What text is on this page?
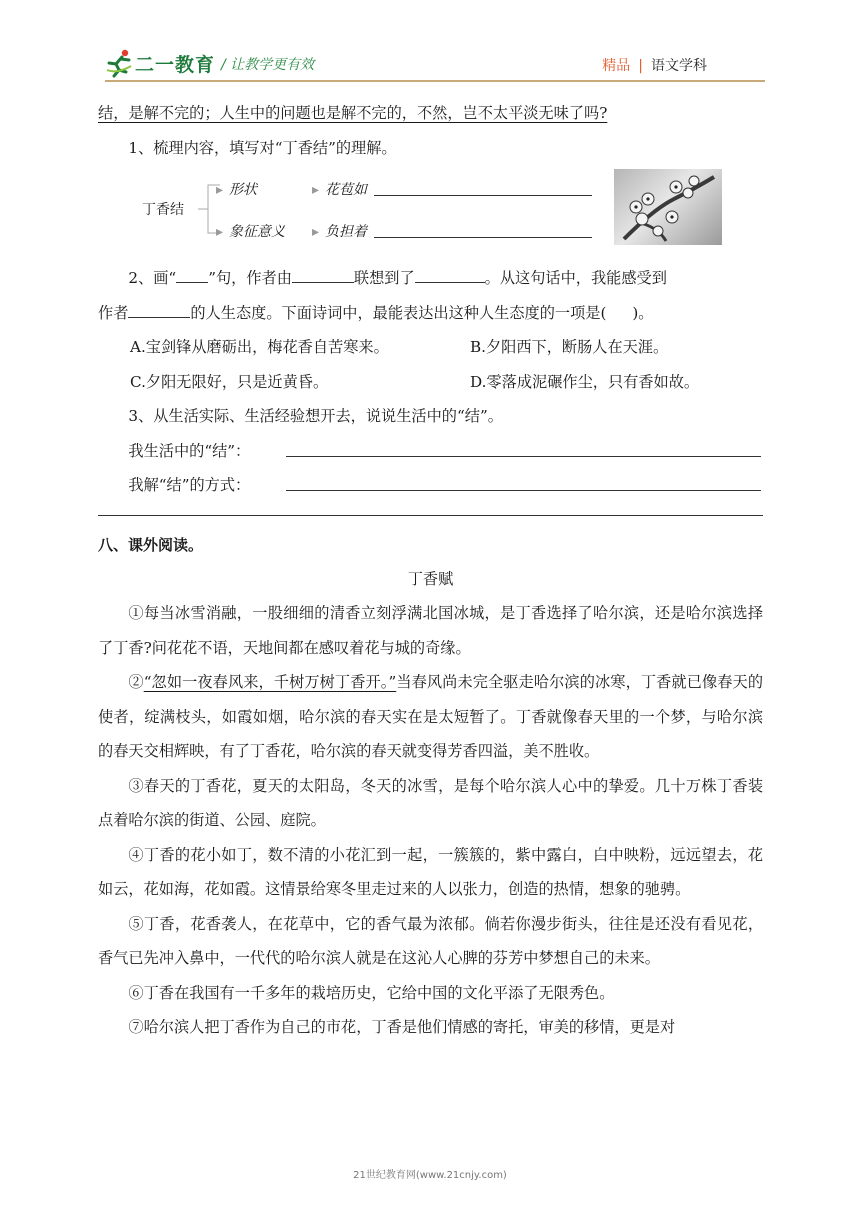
二一教育 / 让教学更有效	精品 | 语文学科

结，是解不完的；人生中的问题也是解不完的，不然，岂不太平淡无味了吗?

1、梳理内容，填写对“丁香结”的理解。

丁香结
▸ 形状	▸ 花苞如
▸ 象征意义 ▸ 负担着

2、画“ ”句，作者由	联想到了	。从这句话中，我能感受到

作者	的人生态度。下面诗词中，最能表达出这种人生态度的一项是( )。

A.宝剑锋从磨砺出，梅花香自苦寒来。	B.夕阳西下，断肠人在天涯。
C.夕阳无限好，只是近黄昏。	D.零落成泥碾作尘，只有香如故。

3、从生活实际、生活经验想开去，说说生活中的“结”。

我生活中的“结”：
我解“结”的方式：

八、课外阅读。

丁香赋

①每当冰雪消融，一股细细的清香立刻浮满北国冰城，是丁香选择了哈尔滨，还是哈尔滨选择了丁香?问花花不语，天地间都在感叹着花与城的奇缘。

②“忽如一夜春风来，千树万树丁香开。”当春风尚未完全驱走哈尔滨的冰寒，丁香就已像春天的使者，绽满枝头，如霞如烟，哈尔滨的春天实在是太短暂了。丁香就像春天里的一个梦，与哈尔滨的春天交相辉映，有了丁香花，哈尔滨的春天就变得芳香四溢，美不胜收。

③春天的丁香花，夏天的太阳岛，冬天的冰雪，是每个哈尔滨人心中的挚爱。几十万株丁香装点着哈尔滨的街道、公园、庭院。

④丁香的花小如丁，数不清的小花汇到一起，一簇簇的，紫中露白，白中映粉，远远望去，花如云，花如海，花如霞。这情景给寒冬里走过来的人以张力，创造的热情，想象的驰骋。

⑤丁香，花香袭人，在花草中，它的香气最为浓郁。倘若你漫步街头，往往是还没有看见花，香气已先冲入鼻中，一代代的哈尔滨人就是在这沁人心脾的芬芳中梦想自己的未来。

⑥丁香在我国有一千多年的栽培历史，它给中国的文化平添了无限秀色。

⑦哈尔滨人把丁香作为自己的市花，丁香是他们情感的寄托，审美的移情，更是对

21世纪教育网(www.21cnjy.com)
